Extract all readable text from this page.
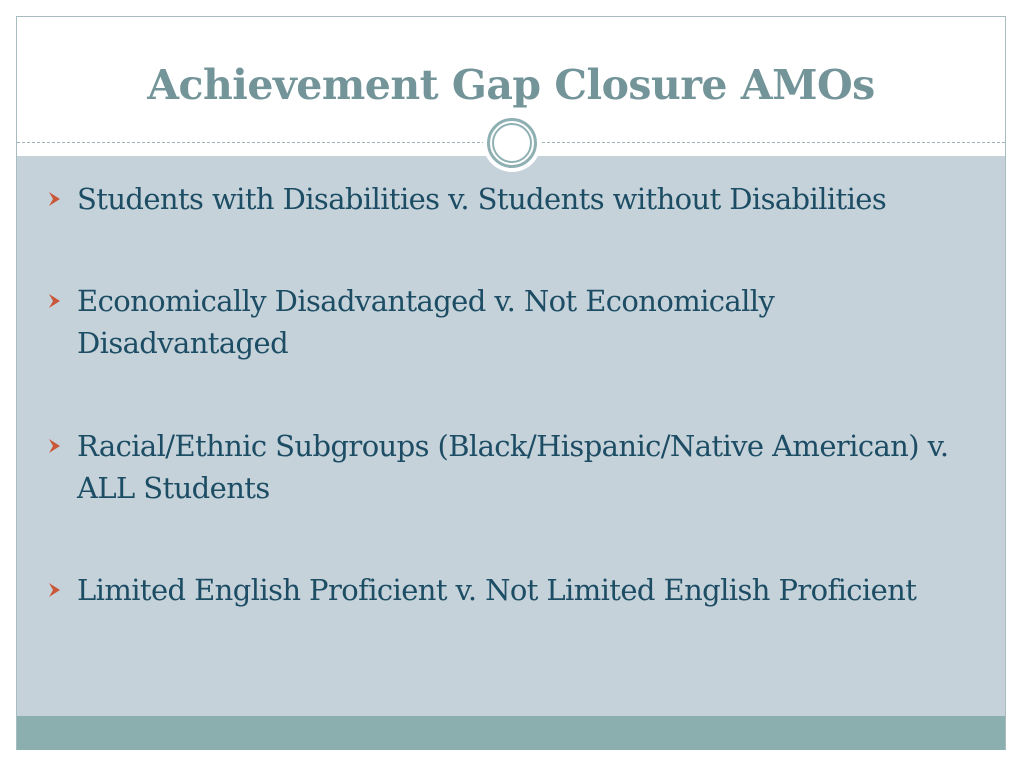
Achievement Gap Closure AMOs
Students with Disabilities v. Students without Disabilities
Economically Disadvantaged v. Not Economically Disadvantaged
Racial/Ethnic Subgroups (Black/Hispanic/Native American) v. ALL Students
Limited English Proficient v. Not Limited English Proficient
